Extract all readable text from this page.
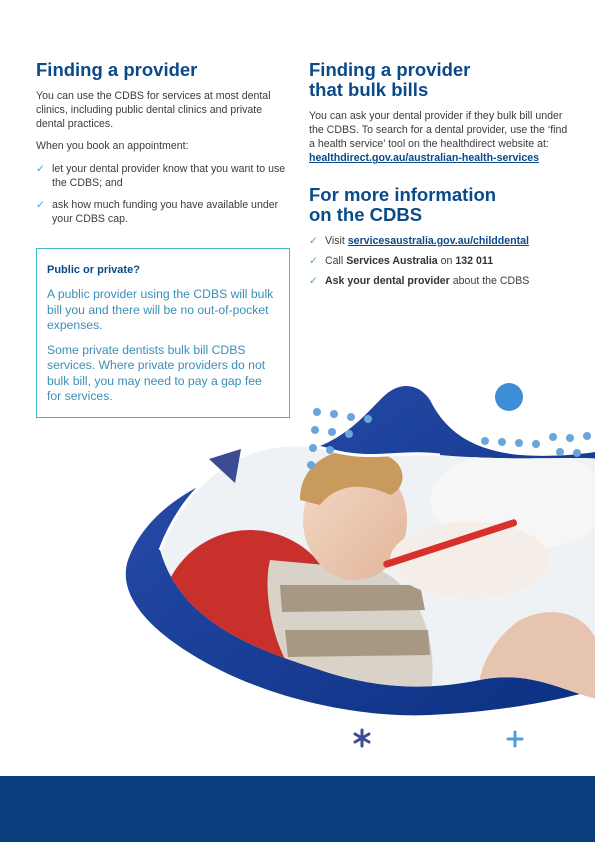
Finding a provider

You can use the CDBS for services at most dental clinics, including public dental clinics and private dental practices.

When you book an appointment:

✓ let your dental provider know that you want to use the CDBS; and
✓ ask how much funding you have available under your CDBS cap.
Public or private?

A public provider using the CDBS will bulk bill you and there will be no out-of-pocket expenses.

Some private dentists bulk bill CDBS services. Where private providers do not bulk bill, you may need to pay a gap fee for services.

Finding a provider
that bulk bills

You can ask your dental provider if they bulk bill under the CDBS. To search for a dental provider, use the ‘find a health service’ tool on the healthdirect website at: healthdirect.gov.au/australian-health-services

For more information
on the CDBS
✓ Visit servicesaustralia.gov.au/childdental
✓ Call Services Australia on 132 011
✓ Ask your dental provider about the CDBS
